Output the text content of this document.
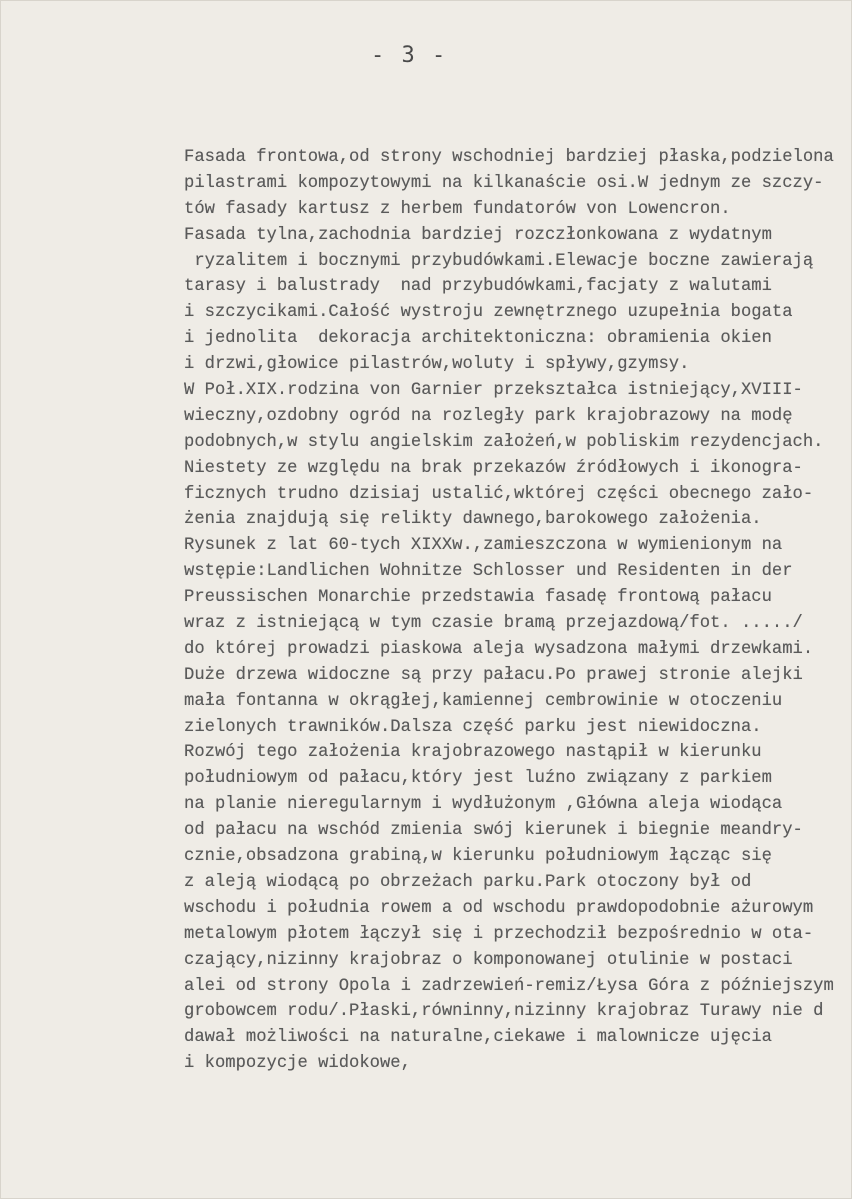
- 3 -
Fasada frontowa,od strony wschodniej bardziej płaska,podzielona
pilastrami kompozytowymi na kilkanaście osi.W jednym ze szczy-
tów fasady kartusz z herbem fundatorów von Lowencron.
Fasada tylna,zachodnia bardziej rozczłonkowana z wydatnym
ryzalitem i bocznymi przybudówkami.Elewacje boczne zawierają
tarasy i balustrady  nad przybudówkami,facjaty z walutami
i szczycikami.Całość wystroju zewnętrznego uzupełnia bogata
i jednolita  dekoracja architektoniczna: obramienia okien
i drzwi,głowice pilastrów,woluty i spływy,gzymsy.
W Poł.XIX.rodzina von Garnier przekształca istniejący,XVIII-
wieczny,ozdobny ogród na rozległy park krajobrazowy na modę
podobnych,w stylu angielskim założeń,w pobliskim rezydencjach.
Niestety ze względu na brak przekazów źródłowych i ikonogra-
ficznych trudno dzisiaj ustalić,wktórej części obecnego zało-
żenia znajdują się relikty dawnego,barokowego założenia.
Rysunek z lat 60-tych XIXXw.,zamieszczona w wymienionym na
wstępie:Landlichen Wohnitze Schlosser und Residenten in der
Preussischen Monarchie przedstawia fasadę frontową pałacu
wraz z istniejącą w tym czasie bramą przejazdową/fot. ...../
do której prowadzi piaskowa aleja wysadzona małymi drzewkami.
Duże drzewa widoczne są przy pałacu.Po prawej stronie alejki
mała fontanna w okrągłej,kamiennej cembrowinie w otoczeniu
zielonych trawników.Dalsza część parku jest niewidoczna.
Rozwój tego założenia krajobrazowego nastąpił w kierunku
południowym od pałacu,który jest luźno związany z parkiem
na planie nieregularnym i wydłużonym ,Główna aleja wiodąca
od pałacu na wschód zmienia swój kierunek i biegnie meandry-
cznie,obsadzona grabiną,w kierunku południowym łącząc się
z aleją wiodącą po obrzeżach parku.Park otoczony był od
wschodu i południa rowem a od wschodu prawdopodobnie ażurowym
metalowym płotem łączył się i przechodził bezpośrednio w ota-
czający,nizinny krajobraz o komponowanej otulinie w postaci
alei od strony Opola i zadrzewień-remiz/Łysa Góra z późniejszym
grobowcem rodu/.Płaski,równinny,nizinny krajobraz Turawy nie d
dawał możliwości na naturalne,ciekawe i malownicze ujęcia
i kompozycje widokowe,
